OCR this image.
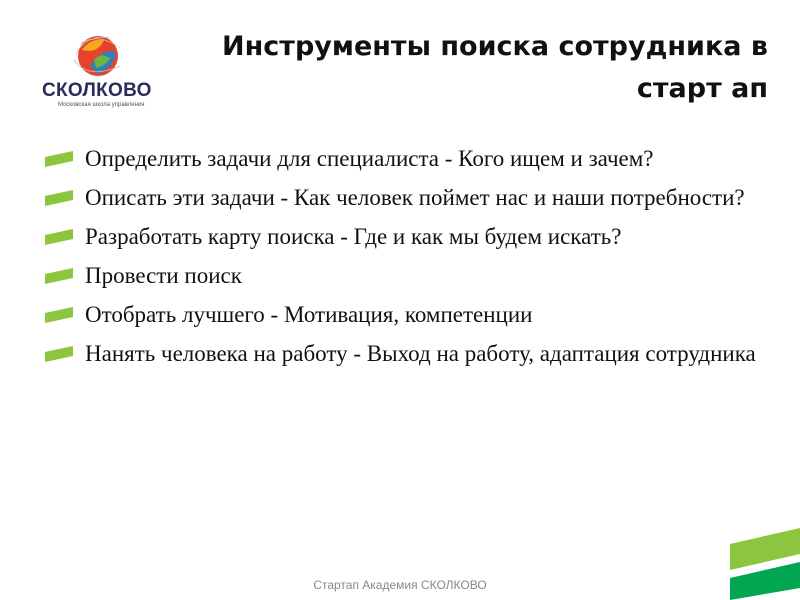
СКОЛКОВО
Московская школа управления
Инструменты поиска сотрудника в старт ап
Определить задачи для специалиста - Кого ищем и зачем?
Описать эти задачи - Как человек поймет нас и наши потребности?
Разработать карту поиска - Где и как мы будем искать?
Провести поиск
Отобрать лучшего - Мотивация, компетенции
Нанять человека на работу - Выход на работу, адаптация сотрудника
Стартап Академия СКОЛКОВО
